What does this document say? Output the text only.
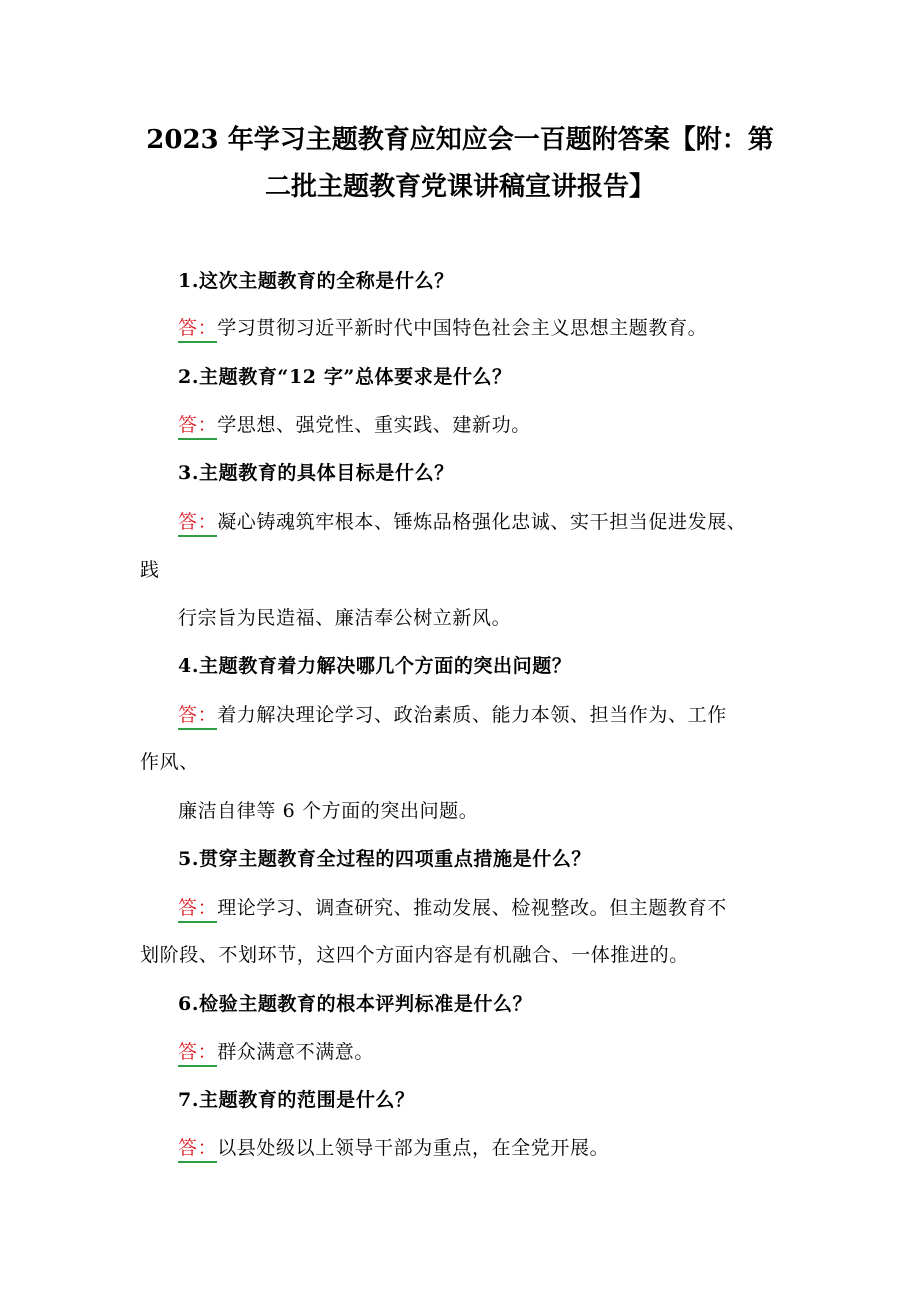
2023 年学习主题教育应知应会一百题附答案【附：第
二批主题教育党课讲稿宣讲报告】
1.这次主题教育的全称是什么？
答：学习贯彻习近平新时代中国特色社会主义思想主题教育。
2.主题教育“12 字”总体要求是什么？
答：学思想、强党性、重实践、建新功。
3.主题教育的具体目标是什么？
答：凝心铸魂筑牢根本、锤炼品格强化忠诚、实干担当促进发展、
践
行宗旨为民造福、廉洁奉公树立新风。
4.主题教育着力解决哪几个方面的突出问题？
答：着力解决理论学习、政治素质、能力本领、担当作为、工作
作风、
廉洁自律等 6 个方面的突出问题。
5.贯穿主题教育全过程的四项重点措施是什么？
答：理论学习、调查研究、推动发展、检视整改。但主题教育不
划阶段、不划环节，这四个方面内容是有机融合、一体推进的。
6.检验主题教育的根本评判标准是什么？
答：群众满意不满意。
7.主题教育的范围是什么？
答：以县处级以上领导干部为重点，在全党开展。
